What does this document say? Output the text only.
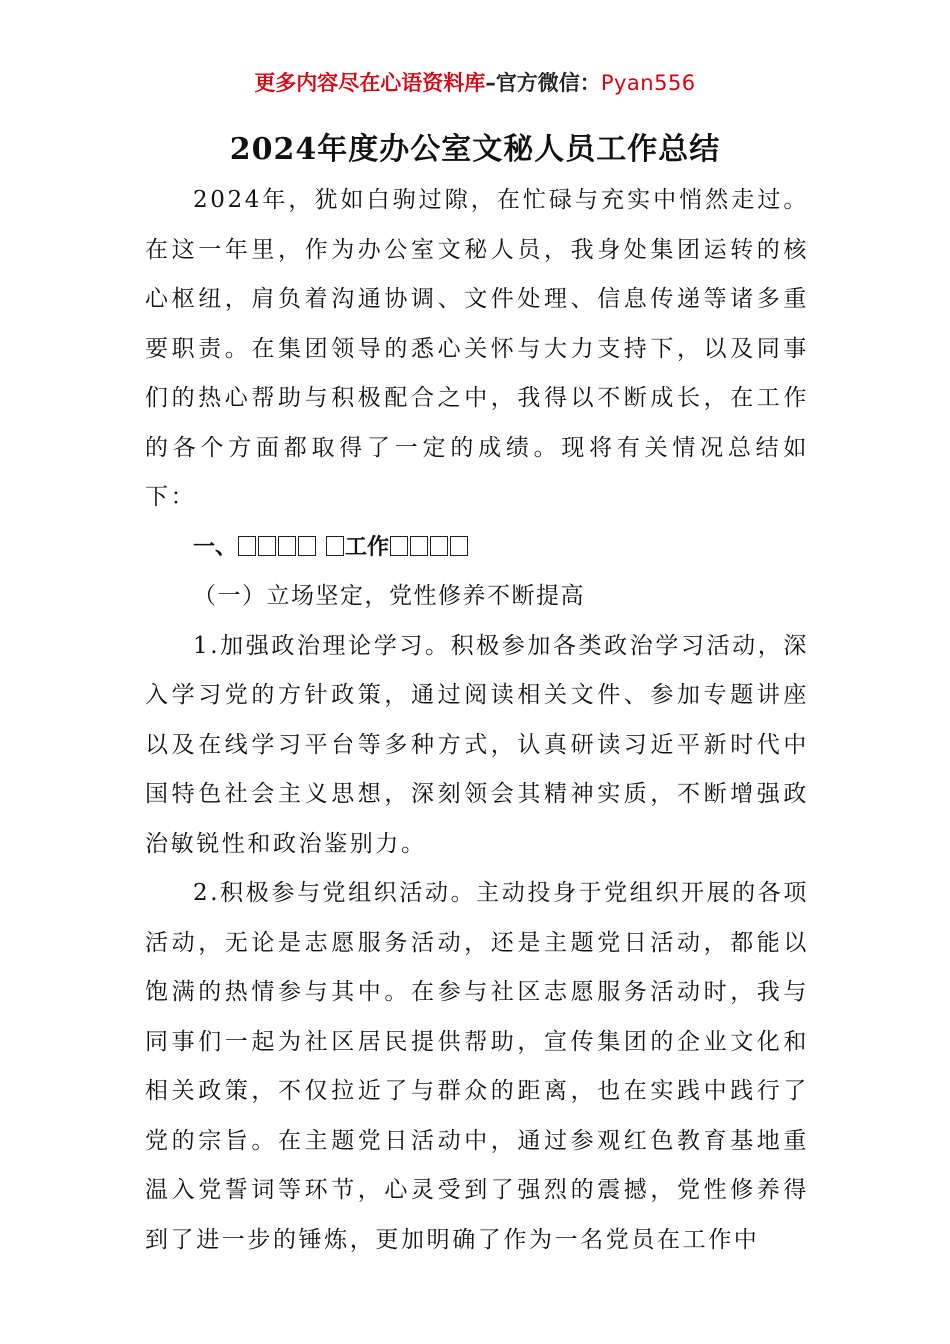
更多内容尽在心语资料库–官方微信：Pyan556
2024年度办公室文秘人员工作总结

2024年，犹如白驹过隙，在忙碌与充实中悄然走过。在这一年里，作为办公室文秘人员，我身处集团运转的核心枢纽，肩负着沟通协调、文件处理、信息传递等诸多重要职责。在集团领导的悉心关怀与大力支持下，以及同事们的热心帮助与积极配合之中，我得以不断成长，在工作的各个方面都取得了一定的成绩。现将有关情况总结如下：

一、	工作

（一）立场坚定，党性修养不断提高

1.加强政治理论学习。积极参加各类政治学习活动，深入学习党的方针政策，通过阅读相关文件、参加专题讲座以及在线学习平台等多种方式，认真研读习近平新时代中国特色社会主义思想，深刻领会其精神实质，不断增强政治敏锐性和政治鉴别力。

2.积极参与党组织活动。主动投身于党组织开展的各项活动，无论是志愿服务活动，还是主题党日活动，都能以饱满的热情参与其中。在参与社区志愿服务活动时，我与同事们一起为社区居民提供帮助，宣传集团的企业文化和相关政策，不仅拉近了与群众的距离，也在实践中践行了党的宗旨。在主题党日活动中，通过参观红色教育基地重温入党誓词等环节，心灵受到了强烈的震撼，党性修养得到了进一步的锤炼，更加明确了作为一名党员在工作中
